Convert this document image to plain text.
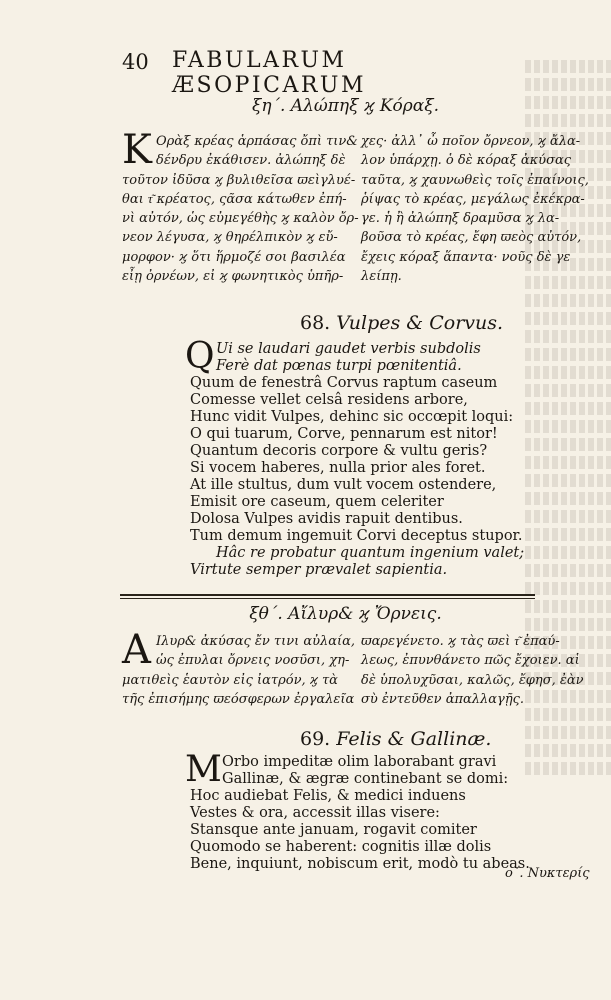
40 FABULARUM ÆSOPICARUM
ξη΄. Αλώπηξ ϗ Κόραξ.
K Ορὰξ κρέας ἁρπάσας ὄπὶ τιν&
δένδρυ ἐκάθισεν. ἀλώπηξ δὲ
τοῦτον ἰδῦσα ϗ βυλιθεῖσα ϖεὶγλυέ-
θαι τ͂ κρέατος, ςᾶσα κάτωθεν ἐπή-
νὶ αὐτόν, ὡς εὐμεγέθὴς ϗ καλὸν ὄρ-
νεον λέγυσα, ϗ θηρέλπικὸν ϗ εὔ-
μορφον· ϗ ὅτι ἥρμοζέ σοι βασιλέα
εἶῃ ὀρνέων, εἰ ϗ φωνητικὸς ὑπῆρ-
χες· ἀλλ᾽ ὦ ποῖον ὄρνεον, ϗ ἄλα-
λον ὑπάρχῃ. ὁ δὲ κόραξ ἀκύσας
ταῦτα, ϗ χαυνωθεὶς τοῖς ἐπαίνοις,
ῥίψας τὸ κρέας, μεγάλως ἐκέκρα-
γε. ἡ ἢ ἀλώπηξ δραμῦσα ϗ λα-
βοῦσα τὸ κρέας, ἔφη ϖεὸς αὐτόν,
ἔχεις κόραξ ἅπαντα· νοῦς δὲ γε
λείπῃ.
68. Vulpes & Corvus.
Q Ui se laudari gaudet verbis subdolis
Ferè dat pœnas turpi pœnitentiâ.
Quum de fenestrâ Corvus raptum caseum
Comesse vellet celsâ residens arbore,
Hunc vidit Vulpes, dehinc sic occœpit loqui:
O qui tuarum, Corve, pennarum est nitor!
Quantum decoris corpore & vultu geris?
Si vocem haberes, nulla prior ales foret.
At ille stultus, dum vult vocem ostendere,
Emisit ore caseum, quem celeriter
Dolosa Vulpes avidis rapuit dentibus.
Tum demum ingemuit Corvi deceptus stupor.
Hâc re probatur quantum ingenium valet;
Virtute semper prævalet sapientia.
ξθ΄. Αἴλυρ& ϗ Ὄρνεις.
A Ιλυρ& ἀκύσας ἔν τινι αὐλαία,
ὡς ἐπυλαι ὄρνεις νοσῦσι, χη-
ματιθεὶς ἑαυτὸν εἰς ἰατρόν, ϗ τὰ
τῆς ἐπισήμης ϖεόσφερων ἐργαλεῖα
ϖαρεγένετο. ϗ τὰς ϖεὶ τ͂ ἐπαύ-
λεως, ἐπυνθάνετο πῶς ἔχοιεν. αἱ
δὲ ὑπολυχῦσαι, καλῶς, ἔφησ, ἐὰν
σὺ ἐντεῦθεν ἀπαλλαγῇς.
69. Felis & Gallinæ.
M Orbo impeditæ olim laborabant gravi
Gallinæ, & ægræ continebant se domi:
Hoc audiebat Felis, & medici induens
Vestes & ora, accessit illas visere:
Stansque ante januam, rogavit comiter
Quomodo se haberent: cognitis illæ dolis
Bene, inquiunt, nobiscum erit, modò tu abeas.
ο΄. Νυκτερίς
